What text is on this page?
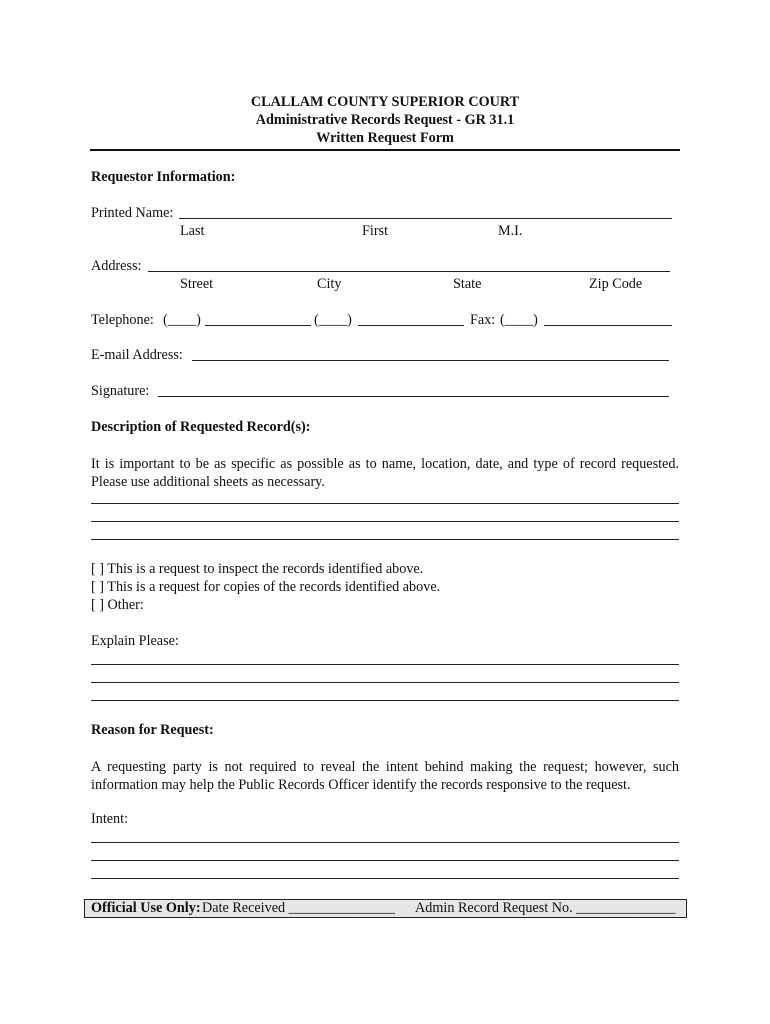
CLALLAM COUNTY SUPERIOR COURT
Administrative Records Request - GR 31.1
Written Request Form
Requestor Information:
Printed Name:
Last	First	M.I.
Address:
Street	City	State	Zip Code
Telephone: (____)	(____)	Fax: (____)
E-mail Address:
Signature:
Description of Requested Record(s):
It is important to be as specific as possible as to name, location, date, and type of record requested. Please use additional sheets as necessary.
[ ] This is a request to inspect the records identified above.
[ ] This is a request for copies of the records identified above.
[ ] Other:
Explain Please:
Reason for Request:
A requesting party is not required to reveal the intent behind making the request; however, such information may help the Public Records Officer identify the records responsive to the request.
Intent:
Official Use Only: Date Received _______________ Admin Record Request No. ______________
